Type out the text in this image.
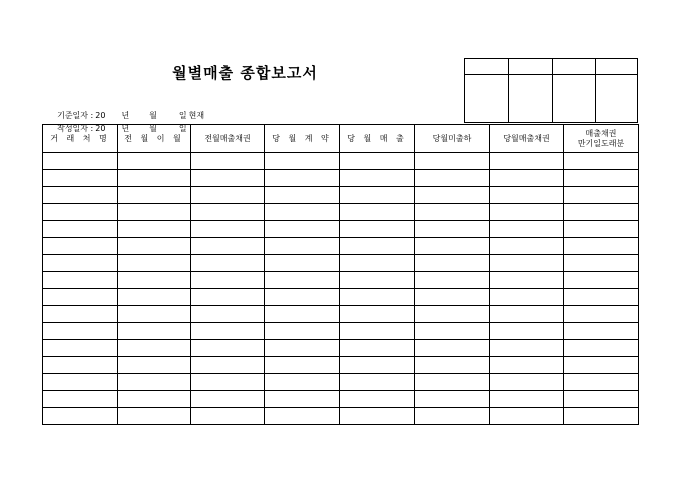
월별매출 종합보고서

기준일자 : 20 년	월	일 현재

작성일자 : 20 년	월	일

거 래 처 명	전 월 이 월	전월매출채권	당 월 계 약	당 월 매 출	당월미출하	당월매출채권	매출채권
만기일도래분
